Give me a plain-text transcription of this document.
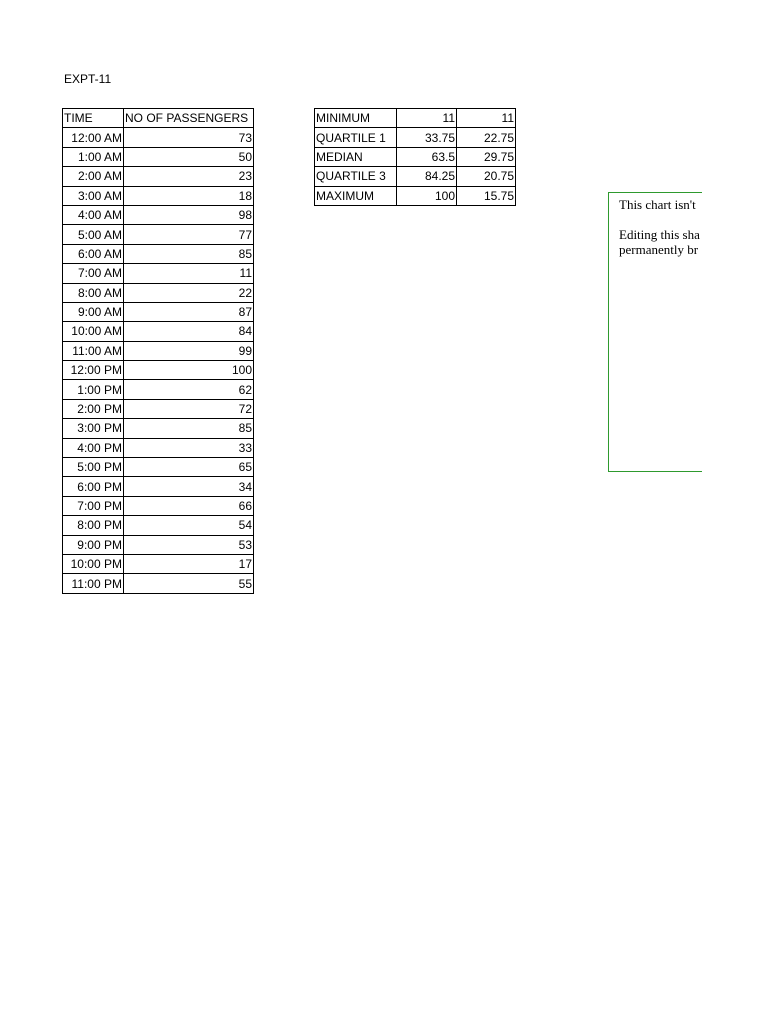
EXPT-11
TIME	NO OF PASSENGERS
12:00 AM	73
1:00 AM	50
2:00 AM	23
3:00 AM	18
4:00 AM	98
5:00 AM	77
6:00 AM	85
7:00 AM	11
8:00 AM	22
9:00 AM	87
10:00 AM	84
11:00 AM	99
12:00 PM	100
1:00 PM	62
2:00 PM	72
3:00 PM	85
4:00 PM	33
5:00 PM	65
6:00 PM	34
7:00 PM	66
8:00 PM	54
9:00 PM	53
10:00 PM	17
11:00 PM	55
MINIMUM	11	11
QUARTILE 1	33.75	22.75
MEDIAN	63.5	29.75
QUARTILE 3	84.25	20.75
MAXIMUM	100	15.75

This chart isn't

Editing this sha

permanently br
